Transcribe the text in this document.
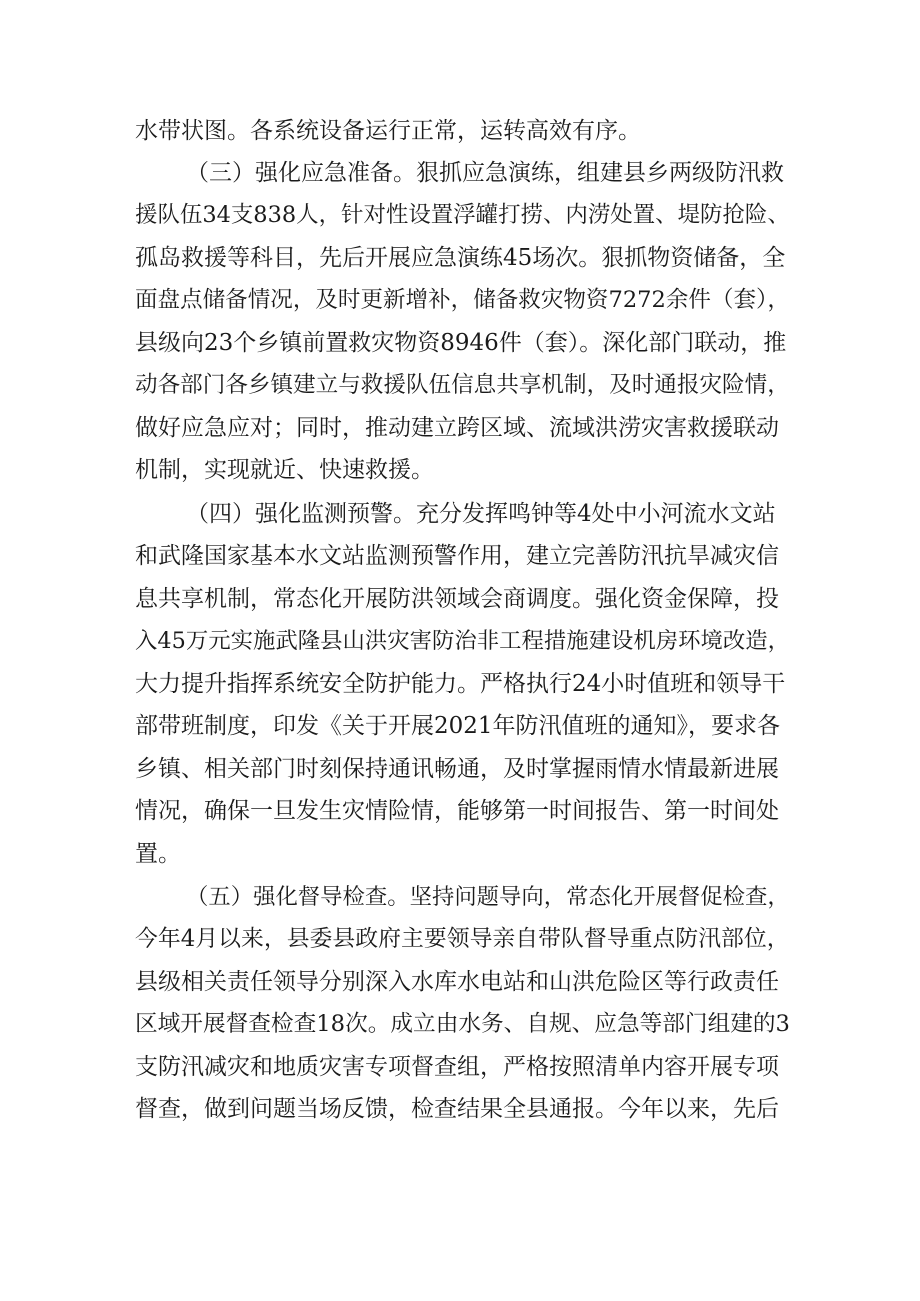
水带状图。各系统设备运行正常，运转高效有序。
（三）强化应急准备。狠抓应急演练，组建县乡两级防汛救
援队伍34支838人，针对性设置浮罐打捞、内涝处置、堤防抢险、
孤岛救援等科目，先后开展应急演练45场次。狠抓物资储备，全
面盘点储备情况，及时更新增补，储备救灾物资7272余件（套），
县级向23个乡镇前置救灾物资8946件（套）。深化部门联动，推
动各部门各乡镇建立与救援队伍信息共享机制，及时通报灾险情，
做好应急应对；同时，推动建立跨区域、流域洪涝灾害救援联动
机制，实现就近、快速救援。
（四）强化监测预警。充分发挥鸣钟等4处中小河流水文站
和武隆国家基本水文站监测预警作用，建立完善防汛抗旱减灾信
息共享机制，常态化开展防洪领域会商调度。强化资金保障，投
入45万元实施武隆县山洪灾害防治非工程措施建设机房环境改造，
大力提升指挥系统安全防护能力。严格执行24小时值班和领导干
部带班制度，印发《关于开展2021年防汛值班的通知》，要求各
乡镇、相关部门时刻保持通讯畅通，及时掌握雨情水情最新进展
情况，确保一旦发生灾情险情，能够第一时间报告、第一时间处
置。
（五）强化督导检查。坚持问题导向，常态化开展督促检查，
今年4月以来，县委县政府主要领导亲自带队督导重点防汛部位，
县级相关责任领导分别深入水库水电站和山洪危险区等行政责任
区域开展督查检查18次。成立由水务、自规、应急等部门组建的3
支防汛减灾和地质灾害专项督查组，严格按照清单内容开展专项
督查，做到问题当场反馈，检查结果全县通报。今年以来，先后
